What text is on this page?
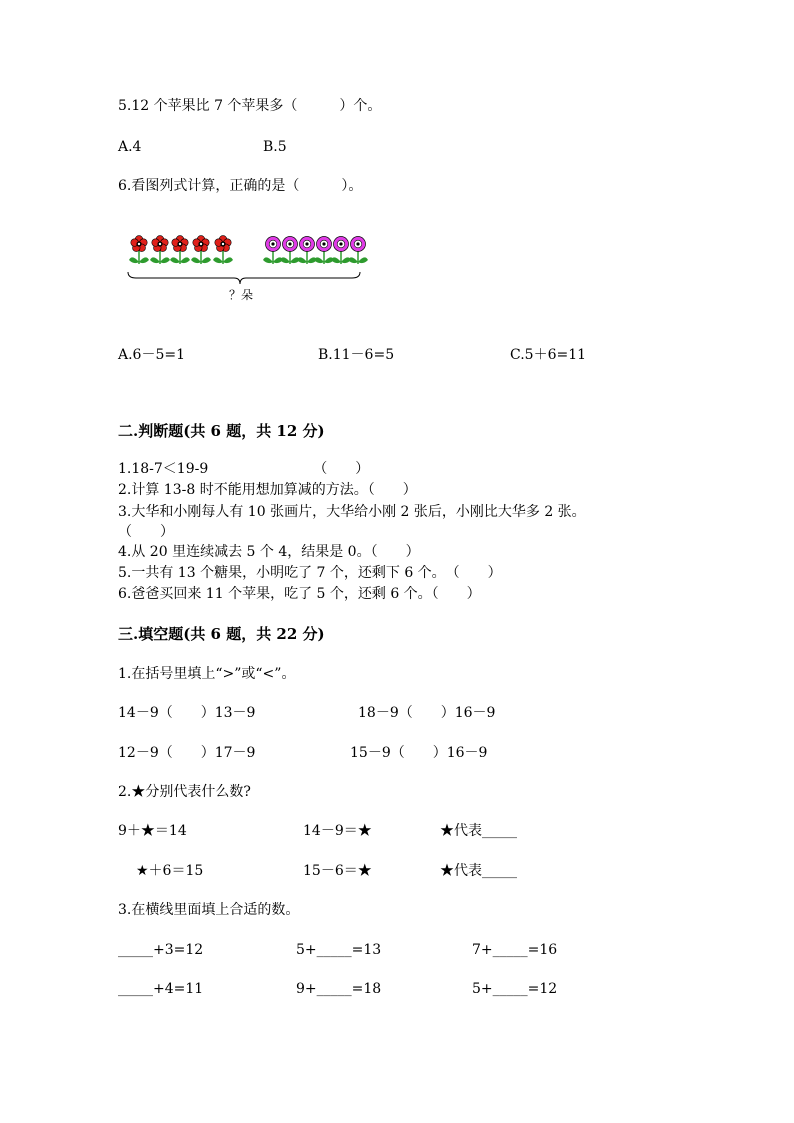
5.12 个苹果比 7 个苹果多（　　　）个。
A.4	B.5
6.看图列式计算，正确的是（　　　）。
？朵
A.6－5=1	B.11－6=5	C.5＋6=11
二.判断题(共 6 题，共 12 分)
1.18-7＜19-9　　　　　　　　（　　）
2.计算 13-8 时不能用想加算减的方法。（　　）
3.大华和小刚每人有 10 张画片，大华给小刚 2 张后，小刚比大华多 2 张。
（　　）
4.从 20 里连续减去 5 个 4，结果是 0。（　　）
5.一共有 13 个糖果，小明吃了 7 个，还剩下 6 个。　（　　）
6.爸爸买回来 11 个苹果，吃了 5 个，还剩 6 个。（　　）
三.填空题(共 6 题，共 22 分)
1.在括号里填上“>”或“<”。
14－9（　　）13－9	18－9（　　）16－9
12－9（　　）17－9	15－9（　　）16－9
2.★分别代表什么数?
9＋★＝14	14－9＝★	★代表_____
★＋6＝15	15－6＝★	★代表_____
3.在横线里面填上合适的数。
_____+3=12	5+_____=13	7+_____=16
_____+4=11	9+_____=18	5+_____=12
